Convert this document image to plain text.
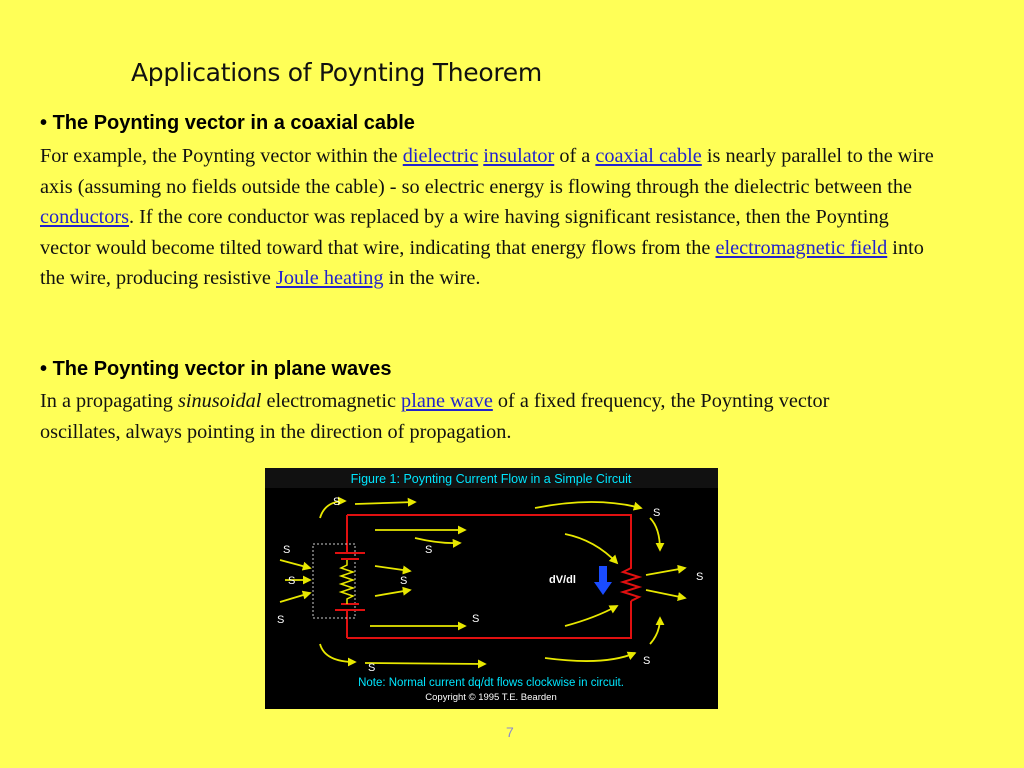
Applications of Poynting Theorem
• The Poynting vector in a coaxial cable

For example, the Poynting vector within the dielectric insulator of a coaxial cable is nearly parallel to the wire axis (assuming no fields outside the cable) - so electric energy is flowing through the dielectric between the conductors. If the core conductor was replaced by a wire having significant resistance, then the Poynting vector would become tilted toward that wire, indicating that energy flows from the electromagnetic field into the wire, producing resistive Joule heating in the wire.

• The Poynting vector in plane waves

In a propagating sinusoidal electromagnetic plane wave of a fixed frequency, the Poynting vector oscillates, always pointing in the direction of propagation.

Figure 1: Poynting Current Flow in a Simple Circuit
S
S
S	S
S	S	S
S	S
S
S
dV/dl
Note: Normal current dq/dt flows clockwise in circuit.
Copyright © 1995 T.E. Bearden
7
